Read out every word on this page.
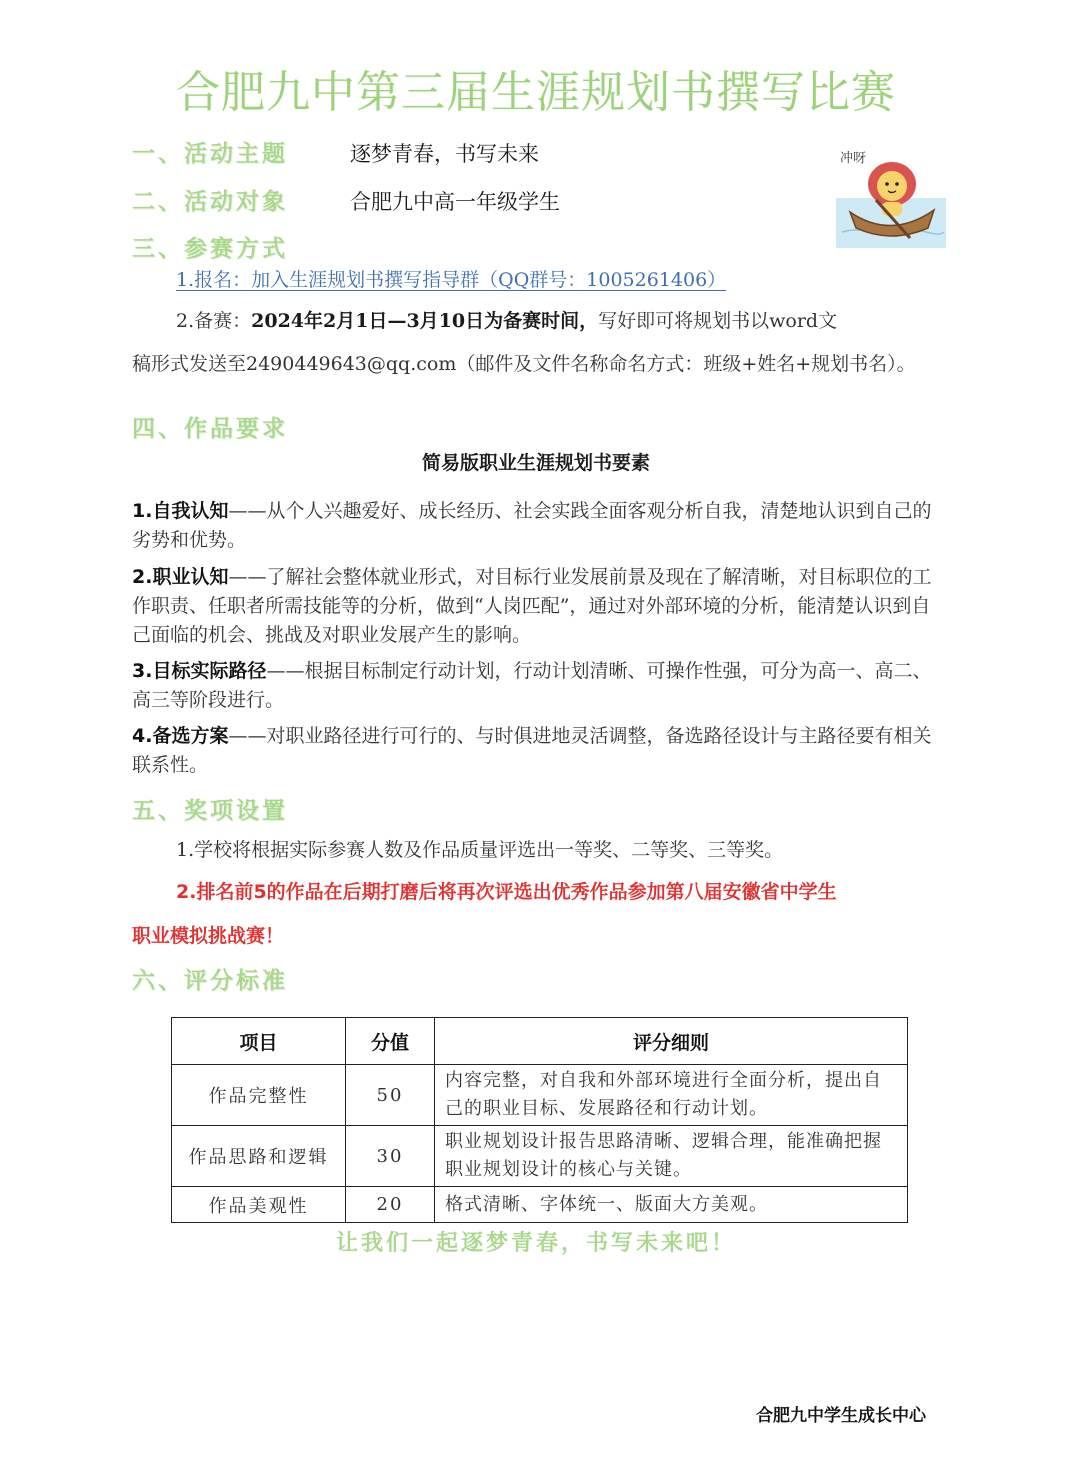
合肥九中第三届生涯规划书撰写比赛
一、活动主题	逐梦青春，书写未来
二、活动对象	合肥九中高一年级学生
冲呀
三、参赛方式
1.报名：加入生涯规划书撰写指导群（QQ群号：1005261406）
2.备赛：2024年2月1日—3月10日为备赛时间，写好即可将规划书以word文
稿形式发送至2490449643@qq.com（邮件及文件名称命名方式：班级+姓名+规划书名）。
四、作品要求
简易版职业生涯规划书要素
1.自我认知——从个人兴趣爱好、成长经历、社会实践全面客观分析自我，清楚地认识到自己的劣势和优势。
2.职业认知——了解社会整体就业形式，对目标行业发展前景及现在了解清晰，对目标职位的工作职责、任职者所需技能等的分析，做到“人岗匹配”，通过对外部环境的分析，能清楚认识到自己面临的机会、挑战及对职业发展产生的影响。
3.目标实际路径——根据目标制定行动计划，行动计划清晰、可操作性强，可分为高一、高二、高三等阶段进行。
4.备选方案——对职业路径进行可行的、与时俱进地灵活调整，备选路径设计与主路径要有相关联系性。
五、奖项设置
1.学校将根据实际参赛人数及作品质量评选出一等奖、二等奖、三等奖。
2.排名前5的作品在后期打磨后将再次评选出优秀作品参加第八届安徽省中学生
职业模拟挑战赛！
六、评分标准
项目	分值	评分细则
作品完整性	50	内容完整，对自我和外部环境进行全面分析，提出自己的职业目标、发展路径和行动计划。
作品思路和逻辑	30	职业规划设计报告思路清晰、逻辑合理，能准确把握职业规划设计的核心与关键。
作品美观性	20	格式清晰、字体统一、版面大方美观。
让我们一起逐梦青春，书写未来吧！
合肥九中学生成长中心
